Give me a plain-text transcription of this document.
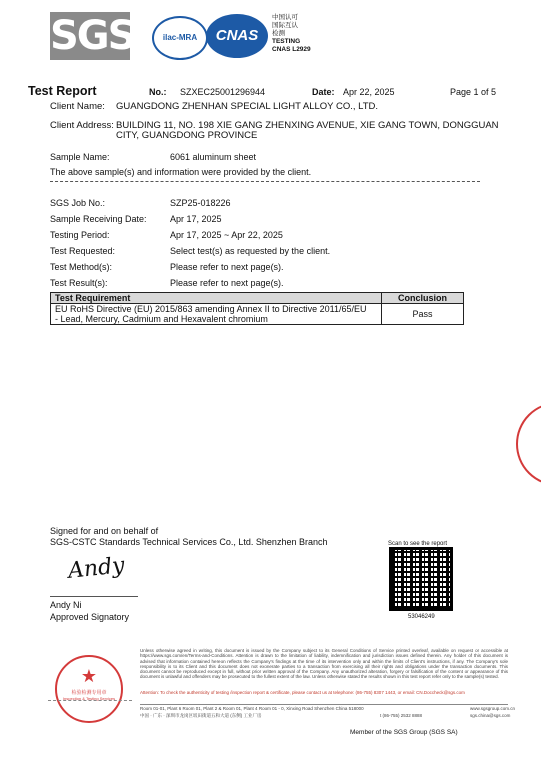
SGS	ilac-MRA	CNAS
中国认可
国际互认
检测
TESTING
CNAS L2929
Test Report	No.: SZXEC25001296944	Date: Apr 22, 2025	Page 1 of 5
Client Name: GUANGDONG ZHENHAN SPECIAL LIGHT ALLOY CO., LTD.
Client Address: BUILDING 11, NO. 198 XIE GANG ZHENXING AVENUE, XIE GANG TOWN, DONGGUAN
CITY, GUANGDONG PROVINCE
Sample Name:	6061 aluminum sheet
The above sample(s) and information were provided by the client.
SGS Job No.:	SZP25-018226
Sample Receiving Date:	Apr 17, 2025
Testing Period:	Apr 17, 2025 ~ Apr 22, 2025
Test Requested:	Select test(s) as requested by the client.
Test Method(s):	Please refer to next page(s).
Test Result(s):	Please refer to next page(s).
Test Requirement	Conclusion

EU RoHS Directive (EU) 2015/863 amending Annex II to Directive 2011/65/EU
- Lead, Mercury, Cadmium and Hexavalent chromium	Pass
Signed for and on behalf of
SGS-CSTC Standards Technical Services Co., Ltd. Shenzhen Branch
Andy
Andy Ni
Approved Signatory
Scan to see the report
53046249
★
检验检测专用章
Inspection & Testing Services
Unless otherwise agreed in writing, this document is issued by the Company subject to its General Conditions of Service printed overleaf, available on request or accessible at https://www.sgs.com/en/Terms-and-Conditions. Attention is drawn to the limitation of liability, indemnification and jurisdiction issues defined therein. Any holder of this document is advised that information contained hereon reflects the Company's findings at the time of its intervention only and within the limits of Client's instructions, if any. The Company's sole responsibility is to its Client and this document does not exonerate parties to a transaction from exercising all their rights and obligations under the transaction documents. This document cannot be reproduced except in full, without prior written approval of the Company. Any unauthorized alteration, forgery or falsification of the content or appearance of this document is unlawful and offenders may be prosecuted to the fullest extent of the law. Unless otherwise stated the results shown in this test report refer only to the sample(s) tested.
Attention: To check the authenticity of testing /inspection report & certificate, please contact us at telephone: (86-755) 8307 1443, or email: CN.Doccheck@sgs.com
Room 01-01, Plant 6 Room 01, Plant 2 & Room 01, Plant 4 Room 01 - 0, Xinxing Road Shenzhen China 518000
中国 · 广东 · 深圳市龙岗区坂田街道五和大道 (东侧) 工业厂房	t (86-755) 2532 8888
www.sgsgroup.com.cn
sgs.china@sgs.com
Member of the SGS Group (SGS SA)
